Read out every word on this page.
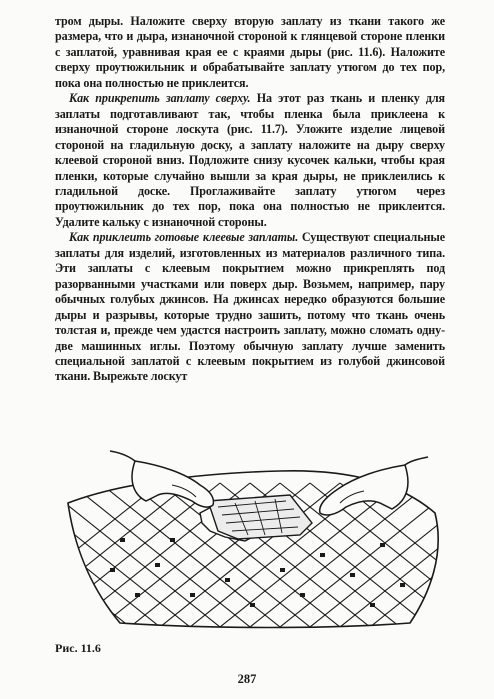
тром дыры. Наложите сверху вторую заплату из ткани такого же размера, что и дыра, изнаночной стороной к глянцевой стороне пленки с заплатой, уравнивая края ее с краями дыры (рис. 11.6). Наложите сверху проутюжильник и обрабатывайте заплату утюгом до тех пор, пока она полностью не приклеится.

Как прикрепить заплату сверху. На этот раз ткань и пленку для заплаты подготавливают так, чтобы пленка была приклеена к изнаночной стороне лоскута (рис. 11.7). Уложите изделие лицевой стороной на гладильную доску, а заплату наложите на дыру сверху клеевой стороной вниз. Подложите снизу кусочек кальки, чтобы края пленки, которые случайно вышли за края дыры, не приклеились к гладильной доске. Проглаживайте заплату утюгом через проутюжильник до тех пор, пока она полностью не приклеится. Удалите кальку с изнаночной стороны.

Как приклеить готовые клеевые заплаты. Существуют специальные заплаты для изделий, изготовленных из материалов различного типа. Эти заплаты с клеевым покрытием можно прикреплять под разорванными участками или поверх дыр. Возьмем, например, пару обычных голубых джинсов. На джинсах нередко образуются большие дыры и разрывы, которые трудно зашить, потому что ткань очень толстая и, прежде чем удастся настроить заплату, можно сломать одну-две машинных иглы. Поэтому обычную заплату лучше заменить специальной заплатой с клеевым покрытием из голубой джинсовой ткани. Вырежьте лоскут

Рис. 11.6
287
